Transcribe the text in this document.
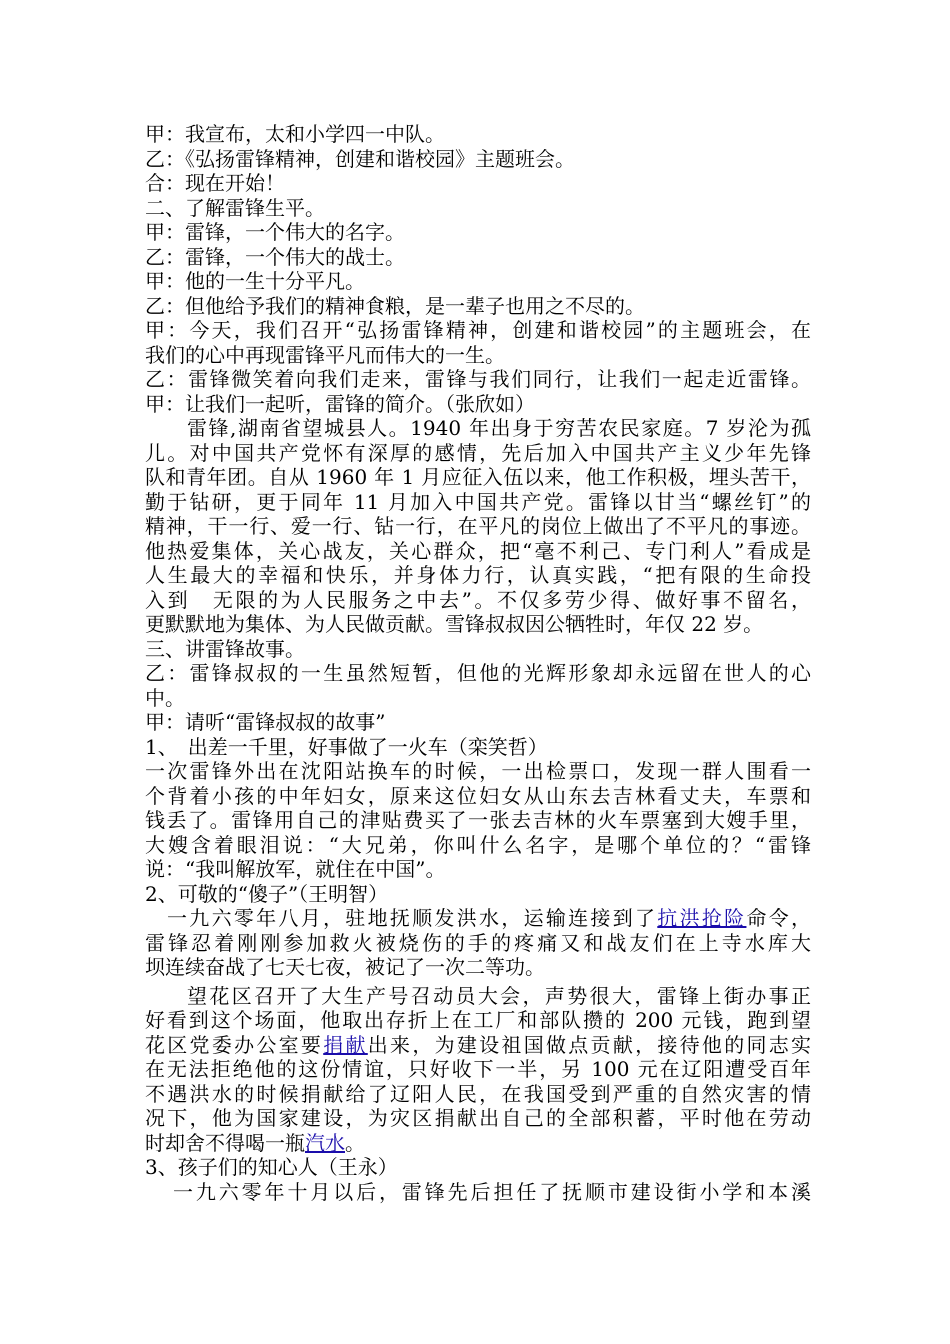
甲：我宣布，太和小学四一中队。
乙：《弘扬雷锋精神，创建和谐校园》主题班会。
合：现在开始！
二、了解雷锋生平。
甲：雷锋，一个伟大的名字。
乙：雷锋，一个伟大的战士。
甲：他的一生十分平凡。
乙：但他给予我们的精神食粮，是一辈子也用之不尽的。
甲：今天，我们召开“弘扬雷锋精神，创建和谐校园”的主题班会，在
我们的心中再现雷锋平凡而伟大的一生。
乙：雷锋微笑着向我们走来，雷锋与我们同行，让我们一起走近雷锋。
甲：让我们一起听，雷锋的简介。（张欣如）
雷锋,湖南省望城县人。1940 年出身于穷苦农民家庭。7 岁沦为孤
儿。对中国共产党怀有深厚的感情，先后加入中国共产主义少年先锋
队和青年团。自从 1960 年 1 月应征入伍以来，他工作积极，埋头苦干，
勤于钻研，更于同年 11 月加入中国共产党。雷锋以甘当“螺丝钉”的
精神，干一行、爱一行、钻一行，在平凡的岗位上做出了不平凡的事迹。
他热爱集体，关心战友，关心群众，把“毫不利己、专门利人”看成是
人生最大的幸福和快乐，并身体力行，认真实践，“把有限的生命投
入到　无限的为人民服务之中去”。不仅多劳少得、做好事不留名，
更默默地为集体、为人民做贡献。雪锋叔叔因公牺牲时，年仅 22 岁。
三、讲雷锋故事。
乙：雷锋叔叔的一生虽然短暂，但他的光辉形象却永远留在世人的心
中。
甲：请听“雷锋叔叔的故事”
1、　出差一千里，好事做了一火车（栾笑哲）
一次雷锋外出在沈阳站换车的时候，一出检票口，发现一群人围看一
个背着小孩的中年妇女，原来这位妇女从山东去吉林看丈夫，车票和
钱丢了。雷锋用自己的津贴费买了一张去吉林的火车票塞到大嫂手里，
大嫂含着眼泪说：“大兄弟，你叫什么名字，是哪个单位的？“雷锋
说：“我叫解放军，就住在中国”。
2、可敬的“傻子”（王明智）
一九六零年八月，驻地抚顺发洪水，运输连接到了抗洪抢险命令，
雷锋忍着刚刚参加救火被烧伤的手的疼痛又和战友们在上寺水库大
坝连续奋战了七天七夜，被记了一次二等功。
望花区召开了大生产号召动员大会，声势很大，雷锋上街办事正
好看到这个场面，他取出存折上在工厂和部队攒的 200 元钱，跑到望
花区党委办公室要捐献出来，为建设祖国做点贡献，接待他的同志实
在无法拒绝他的这份情谊，只好收下一半，另 100 元在辽阳遭受百年
不遇洪水的时候捐献给了辽阳人民，在我国受到严重的自然灾害的情
况下，他为国家建设，为灾区捐献出自己的全部积蓄，平时他在劳动
时却舍不得喝一瓶汽水。
3、孩子们的知心人（王永）
一九六零年十月以后，雷锋先后担任了抚顺市建设街小学和本溪
